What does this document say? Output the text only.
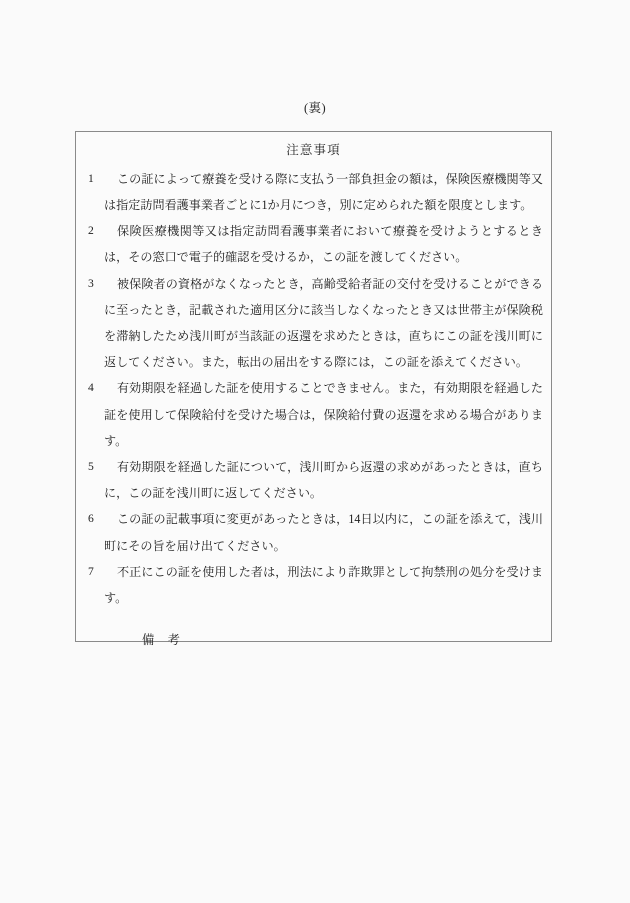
(裏)
注意事項
1	この証によって療養を受ける際に支払う一部負担金の額は，保険医療機関等又は指定訪問看護事業者ごとに1か月につき，別に定められた額を限度とします。
2	保険医療機関等又は指定訪問看護事業者において療養を受けようとするときは，その窓口で電子的確認を受けるか，この証を渡してください。
3	被保険者の資格がなくなったとき，高齢受給者証の交付を受けることができるに至ったとき，記載された適用区分に該当しなくなったとき又は世帯主が保険税を滞納したため浅川町が当該証の返還を求めたときは，直ちにこの証を浅川町に返してください。また，転出の届出をする際には，この証を添えてください。
4	有効期限を経過した証を使用することできません。また，有効期限を経過した証を使用して保険給付を受けた場合は，保険給付費の返還を求める場合があります。
5	有効期限を経過した証について，浅川町から返還の求めがあったときは，直ちに，この証を浅川町に返してください。
6	この証の記載事項に変更があったときは，14日以内に，この証を添えて，浅川町にその旨を届け出てください。
7	不正にこの証を使用した者は，刑法により詐欺罪として拘禁刑の処分を受けます。
備　考
